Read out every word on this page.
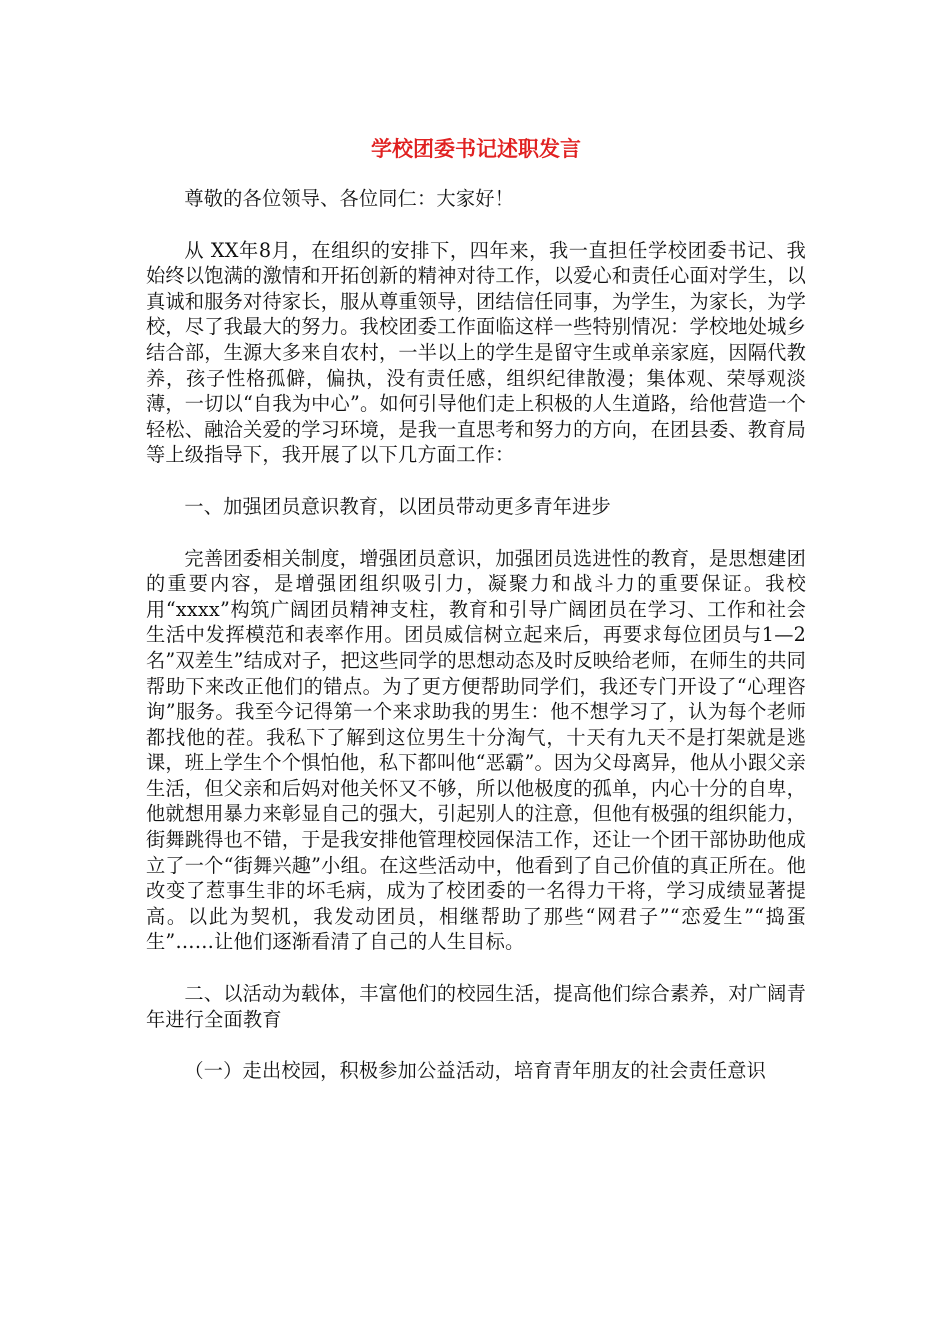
学校团委书记述职发言

尊敬的各位领导、各位同仁：大家好！

从 XX年8月，在组织的安排下，四年来，我一直担任学校团委书记、我始终以饱满的激情和开拓创新的精神对待工作，以爱心和责任心面对学生，以真诚和服务对待家长，服从尊重领导，团结信任同事，为学生，为家长，为学校，尽了我最大的努力。我校团委工作面临这样一些特别情况：学校地处城乡结合部，生源大多来自农村，一半以上的学生是留守生或单亲家庭，因隔代教养，孩子性格孤僻，偏执，没有责任感，组织纪律散漫；集体观、荣辱观淡薄，一切以“自我为中心”。如何引导他们走上积极的人生道路，给他营造一个轻松、融洽关爱的学习环境，是我一直思考和努力的方向，在团县委、教育局等上级指导下，我开展了以下几方面工作：

一、加强团员意识教育，以团员带动更多青年进步

完善团委相关制度，增强团员意识，加强团员选进性的教育，是思想建团的重要内容，是增强团组织吸引力，凝聚力和战斗力的重要保证。我校用“xxxx”构筑广阔团员精神支柱，教育和引导广阔团员在学习、工作和社会生活中发挥模范和表率作用。团员威信树立起来后，再要求每位团员与1—2名”双差生”结成对子，把这些同学的思想动态及时反映给老师，在师生的共同帮助下来改正他们的错点。为了更方便帮助同学们，我还专门开设了“心理咨询”服务。我至今记得第一个来求助我的男生：他不想学习了，认为每个老师都找他的茬。我私下了解到这位男生十分淘气，十天有九天不是打架就是逃课，班上学生个个惧怕他，私下都叫他“恶霸”。因为父母离异，他从小跟父亲生活，但父亲和后妈对他关怀又不够，所以他极度的孤单，内心十分的自卑，他就想用暴力来彰显自己的强大，引起别人的注意，但他有极强的组织能力，街舞跳得也不错，于是我安排他管理校园保洁工作，还让一个团干部协助他成立了一个“街舞兴趣”小组。在这些活动中，他看到了自己价值的真正所在。他改变了惹事生非的坏毛病，成为了校团委的一名得力干将，学习成绩显著提高。以此为契机，我发动团员，相继帮助了那些“网君子”“恋爱生”“捣蛋生”……让他们逐渐看清了自己的人生目标。

二、以活动为载体，丰富他们的校园生活，提高他们综合素养，对广阔青年进行全面教育

（一）走出校园，积极参加公益活动，培育青年朋友的社会责任意识
